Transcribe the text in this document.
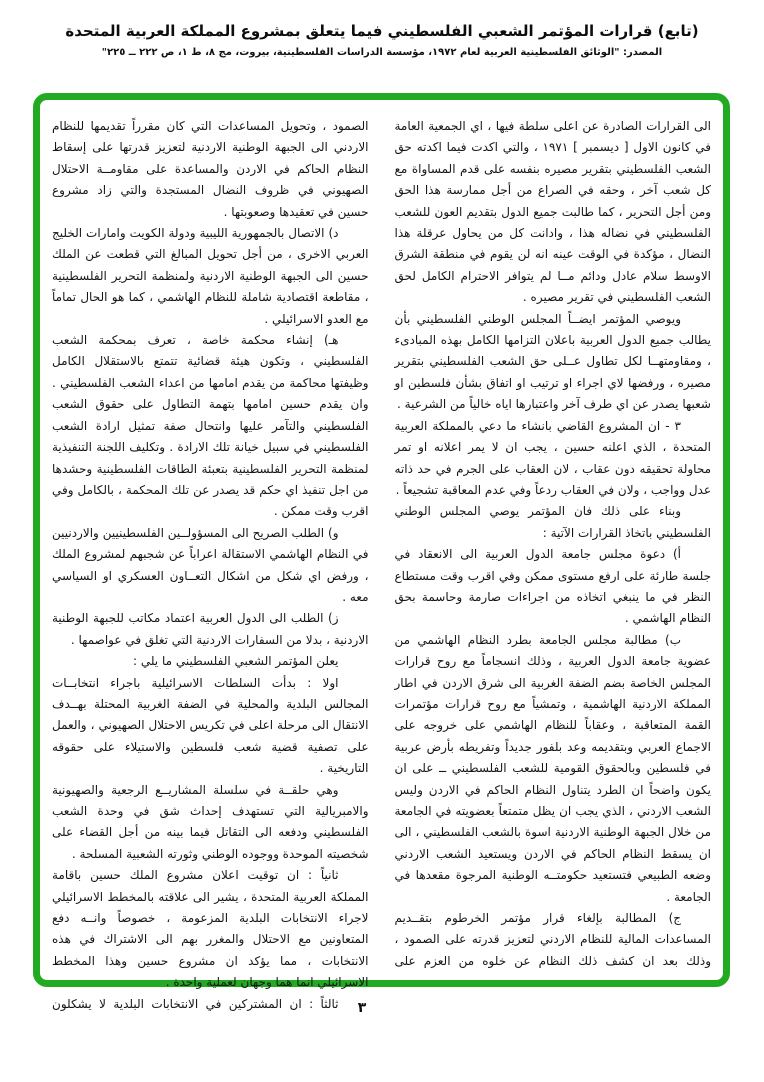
(تابع) قرارات المؤتمر الشعبي الفلسطيني فيما يتعلق بمشروع المملكة العربية المتحدة
المصدر: "الوثائق الفلسطينية العربية لعام ١٩٧٢، مؤسسة الدراسات الفلسطينية، بيروت، مج ٨، ط ١، ص ٢٢٢ ــ ٢٢٥"

الى القرارات الصادرة عن اعلى سلطة فيها ، اي الجمعية العامة في كانون الاول [ ديسمبر ] ١٩٧١ ، والتي اكدت فيما اكدته حق الشعب الفلسطيني بتقرير مصيره بنفسه على قدم المساواة مع كل شعب آخر ، وحقه في الصراع من أجل ممارسة هذا الحق ومن أجل التحرير ، كما طالبت جميع الدول بتقديم العون للشعب الفلسطيني في نضاله هذا ، وادانت كل من يحاول عرقلة هذا النضال ، مؤكدة في الوقت عينه انه لن يقوم في منطقة الشرق الاوسط سلام عادل ودائم مــا لم يتوافر الاحترام الكامل لحق الشعب الفلسطيني في تقرير مصيره .

ويوصي المؤتمر ايضــاً المجلس الوطني الفلسطيني بأن يطالب جميع الدول العربية باعلان التزامها الكامل بهذه المبادىء ، ومقاومتهــا لكل تطاول عــلى حق الشعب الفلسطيني بتقرير مصيره ، ورفضها لاي اجراء او ترتيب او اتفاق بشأن فلسطين او شعبها يصدر عن اي طرف آخر واعتبارها اياه خالياً من الشرعية .

٣ - ان المشروع القاضي بانشاء ما دعي بالمملكة العربية المتحدة ، الذي اعلنه حسين ، يجب ان لا يمر اعلانه او تمر محاولة تحقيقه دون عقاب ، لان العقاب على الجرم في حد ذاته عدل وواجب ، ولان في العقاب ردعاً وفي عدم المعاقبة تشجيعاً .

وبناء على ذلك فان المؤتمر يوصي المجلس الوطني الفلسطيني باتخاذ القرارات الآتية :

أ) دعوة مجلس جامعة الدول العربية الى الانعقاد في جلسة طارئة على ارفع مستوى ممكن وفي اقرب وقت مستطاع النظر في ما ينبغي اتخاذه من اجراءات صارمة وحاسمة بحق النظام الهاشمي .

ب) مطالبة مجلس الجامعة بطرد النظام الهاشمي من عضوية جامعة الدول العربية ، وذلك انسجاماً مع روح قرارات المجلس الخاصة بضم الضفة الغربية الى شرق الاردن في اطار المملكة الاردنية الهاشمية ، وتمشياً مع روح قرارات مؤتمرات القمة المتعاقبة ، وعقاباً للنظام الهاشمي على خروجه على الاجماع العربي وبتقديمه وعد بلفور جديداً وتفريطه بأرض عربية في فلسطين وبالحقوق القومية للشعب الفلسطيني ــ على ان يكون واضحاً ان الطرد يتناول النظام الحاكم في الاردن وليس الشعب الاردني ، الذي يجب ان يظل متمتعاً بعضويته في الجامعة من خلال الجبهة الوطنية الاردنية اسوة بالشعب الفلسطيني ، الى ان يسقط النظام الحاكم في الاردن ويستعيد الشعب الاردني وضعه الطبيعي فتستعيد حكومتــه الوطنية المرجوة مقعدها في الجامعة .

ج) المطالبة بإلغاء قرار مؤتمر الخرطوم بتقــديم المساعدات المالية للنظام الاردني لتعزيز قدرته على الصمود ، وذلك بعد ان كشف ذلك النظام عن خلوه من العزم على

الصمود ، وتحويل المساعدات التي كان مقرراً تقديمها للنظام الاردني الى الجبهة الوطنية الاردنية لتعزيز قدرتها على إسقاط النظام الحاكم في الاردن والمساعدة على مقاومــة الاحتلال الصهيوني في ظروف النضال المستجدة والتي زاد مشروع حسين في تعقيدها وصعوبتها .

د) الاتصال بالجمهورية الليبية ودولة الكويت وامارات الخليج العربي الاخرى ، من أجل تحويل المبالغ التي قطعت عن الملك حسين الى الجبهة الوطنية الاردنية ولمنظمة التحرير الفلسطينية ، مقاطعة اقتصادية شاملة للنظام الهاشمي ، كما هو الحال تماماً مع العدو الاسرائيلي .

هـ) إنشاء محكمة خاصة ، تعرف بمحكمة الشعب الفلسطيني ، وتكون هيئة قضائية تتمتع بالاستقلال الكامل وظيفتها محاكمة من يقدم امامها من اعداء الشعب الفلسطيني . وان يقدم حسين امامها بتهمة التطاول على حقوق الشعب الفلسطيني والتآمر عليها وانتحال صفة تمثيل ارادة الشعب الفلسطيني في سبيل خيانة تلك الارادة . وتكليف اللجنة التنفيذية لمنظمة التحرير الفلسطينية بتعبئة الطاقات الفلسطينية وحشدها من اجل تنفيذ اي حكم قد يصدر عن تلك المحكمة ، بالكامل وفي اقرب وقت ممكن .

و) الطلب الصريح الى المسؤولــين الفلسطينيين والاردنيين في النظام الهاشمي الاستقالة اعراباً عن شجبهم لمشروع الملك ، ورفض اي شكل من اشكال التعــاون العسكري او السياسي معه .

ز) الطلب الى الدول العربية اعتماد مكاتب للجبهة الوطنية الاردنية ، بدلا من السفارات الاردنية التي تغلق في عواصمها .

يعلن المؤتمر الشعبي الفلسطيني ما يلي :

اولا : بدأت السلطات الاسرائيلية باجراء انتخابــات المجالس البلدية والمحلية في الضفة الغربية المحتلة بهــدف الانتقال الى مرحلة اعلى في تكريس الاحتلال الصهيوني ، والعمل على تصفية قضية شعب فلسطين والاستيلاء على حقوقه التاريخية .

وهي حلقــة في سلسلة المشاريــع الرجعية والصهيونية والامبريالية التي تستهدف إحداث شق في وحدة الشعب الفلسطيني ودفعه الى التقاتل فيما بينه من أجل القضاء على شخصيته الموحدة ووجوده الوطني وثورته الشعبية المسلحة .

ثانياً : ان توقيت اعلان مشروع الملك حسين باقامة المملكة العربية المتحدة ، يشير الى علاقته بالمخطط الاسرائيلي لاجراء الانتخابات البلدية المزعومة ، خصوصاً وانــه دفع المتعاونين مع الاحتلال والمغرر بهم الى الاشتراك في هذه الانتخابات ، مما يؤكد ان مشروع حسين وهذا المخطط الاسرائيلي انما هما وجهان لعملية واحدة .

ثالثاً : ان المشتركين في الانتخابات البلدية لا يشكلون	٣
